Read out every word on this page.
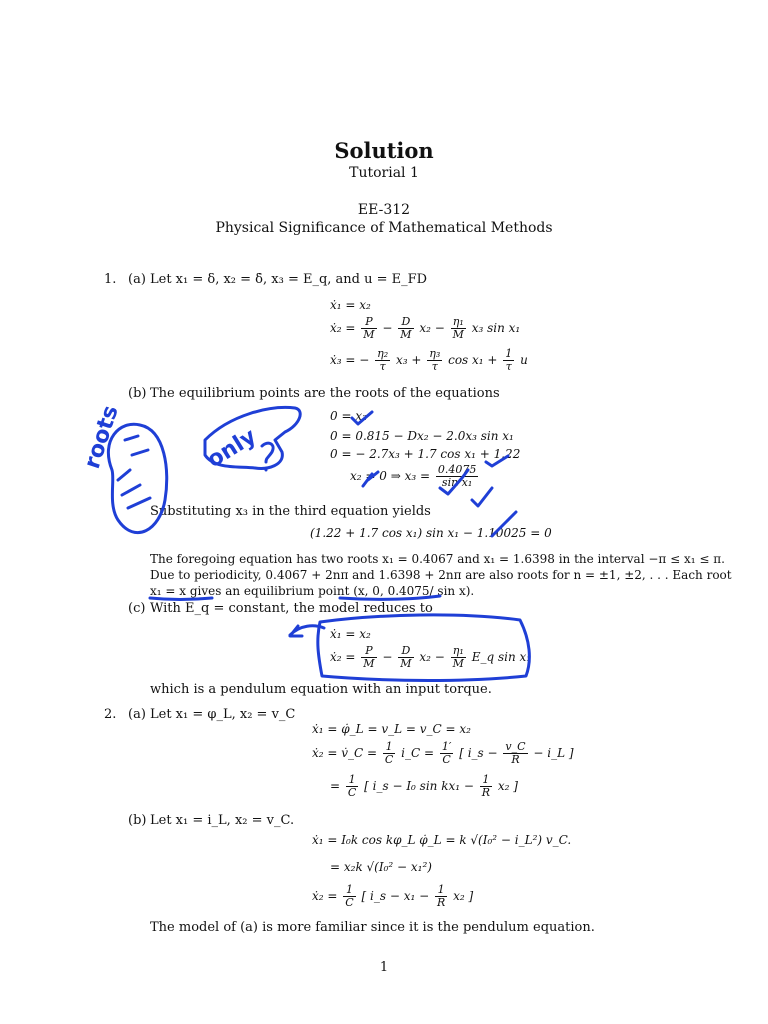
Solution
Tutorial 1
EE-312
Physical Significance of Mathematical Methods
1. (a) Let x₁ = δ, x₂ = δ̇, x₃ = E_q, and u = E_FD
ẋ₁ = x₂
ẋ₂ = $\frac{P}{M} - \frac{D}{M} x_2 - \frac{\text{η₁}}{M} x_3$ sin x₁
ẋ₃ = − $\frac{\text{η₂}}{\tau} x_3 + \frac{\text{η₃}}{\tau}$ $\cos x_1 + \frac{1}{\tau}$ u
(b) The equilibrium points are the roots of the equations
0 = x₂
0 = 0.815 − Dx₂ − 2.0x₃ sin x₁
0 = − 2.7x₃ + 1.7 cos x₁ + 1.22
x₂ = 0 ⇒ $x_3 = \frac{0.4075}{\text{sin x₁}}$
Substituting x₃ in the third equation yields
(1.22 + 1.7 cos x₁) sin x₁ − 1.10025 = 0
The foregoing equation has two roots x₁ = 0.4067 and x₁ = 1.6398 in the interval −π ≤ x₁ ≤ π.
Due to periodicity, 0.4067 + 2nπ and 1.6398 + 2nπ are also roots for n = ±1, ±2, . . . Each root
x₁ = x gives an equilibrium point (x, 0, 0.4075/ sin x).
(c) With E_q = constant, the model reduces to
ẋ₁ = x₂
ẋ₂ = $\frac{P}{M} - \frac{D}{M} x_2 - \frac{\text{η₁}}{M}$ E_q sin x₁
which is a pendulum equation with an input torque.
2. (a) Let x₁ = φ_L, x₂ = v_C
ẋ₁ = φ̇_L = v_L = v_C = x₂
ẋ₂ = v̇_C = $\frac{1}{C}$ i_C = $\frac{1'}{C}$ [ i_s − $\frac{v\_C}{R}$ − i_L ]
= $\frac{1}{C}$ [ i_s − I₀ $\sin kx_1 - \frac{1}{R} x_2$ ]
(b) Let x₁ = i_L, x₂ = v_C.
ẋ₁ = I₀k cos kφ_L φ̇_L = k √(I₀² − i_L²) v_C.
= x₂k √(I₀² − x₁²)
ẋ₂ = $\frac{1}{C}$ [ i_s − $x_1 - \frac{1}{R} x_2$ ]
The model of (a) is more familiar since it is the pendulum equation.
1
roots	only
